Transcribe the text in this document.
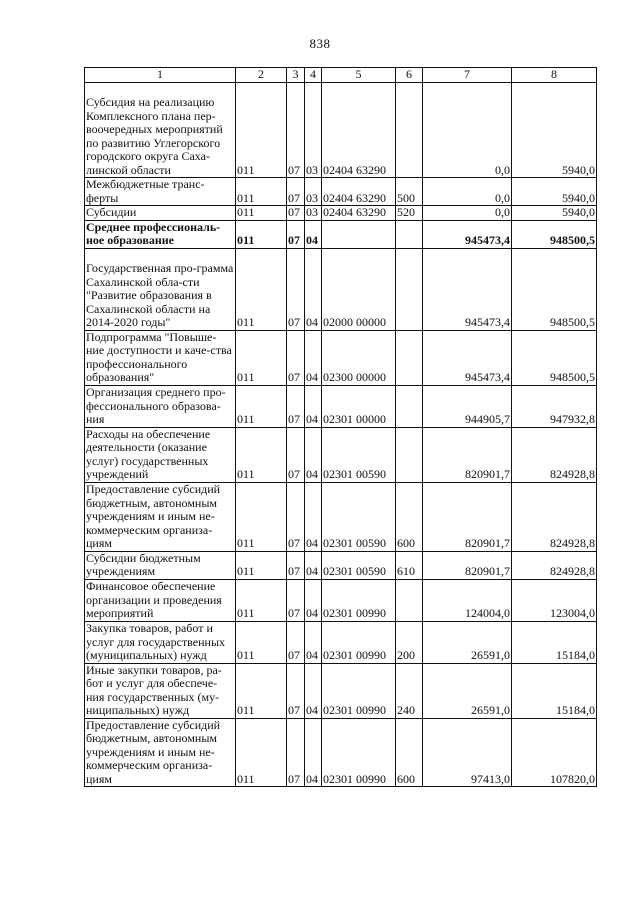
838
1	2	3	4	5	6	7	8
Субсидия на реализацию Комплексного плана пер-воочередных мероприятий по развитию Углегорского городского округа Саха-линской области	011	07	03	02404 63290		0,0	5940,0
Межбюджетные транс-ферты	011	07	03	02404 63290	500	0,0	5940,0
Субсидии	011	07	03	02404 63290	520	0,0	5940,0
Среднее профессиональ-ное образование	011	07	04			945473,4	948500,5
Государственная про-грамма Сахалинской обла-сти "Развитие образования в Сахалинской области на 2014-2020 годы"	011	07	04	02000 00000		945473,4	948500,5
Подпрограмма "Повыше-ние доступности и каче-ства профессионального образования"	011	07	04	02300 00000		945473,4	948500,5
Организация среднего про-фессионального образова-ния	011	07	04	02301 00000		944905,7	947932,8
Расходы на обеспечение деятельности (оказание услуг) государственных учреждений	011	07	04	02301 00590		820901,7	824928,8
Предоставление субсидий бюджетным, автономным учреждениям и иным не-коммерческим организа-циям	011	07	04	02301 00590	600	820901,7	824928,8
Субсидии бюджетным учреждениям	011	07	04	02301 00590	610	820901,7	824928,8
Финансовое обеспечение организации и проведения мероприятий	011	07	04	02301 00990		124004,0	123004,0
Закупка товаров, работ и услуг для государственных (муниципальных) нужд	011	07	04	02301 00990	200	26591,0	15184,0
Иные закупки товаров, ра-бот и услуг для обеспече-ния государственных (му-ниципальных) нужд	011	07	04	02301 00990	240	26591,0	15184,0
Предоставление субсидий бюджетным, автономным учреждениям и иным не-коммерческим организа-циям	011	07	04	02301 00990	600	97413,0	107820,0
